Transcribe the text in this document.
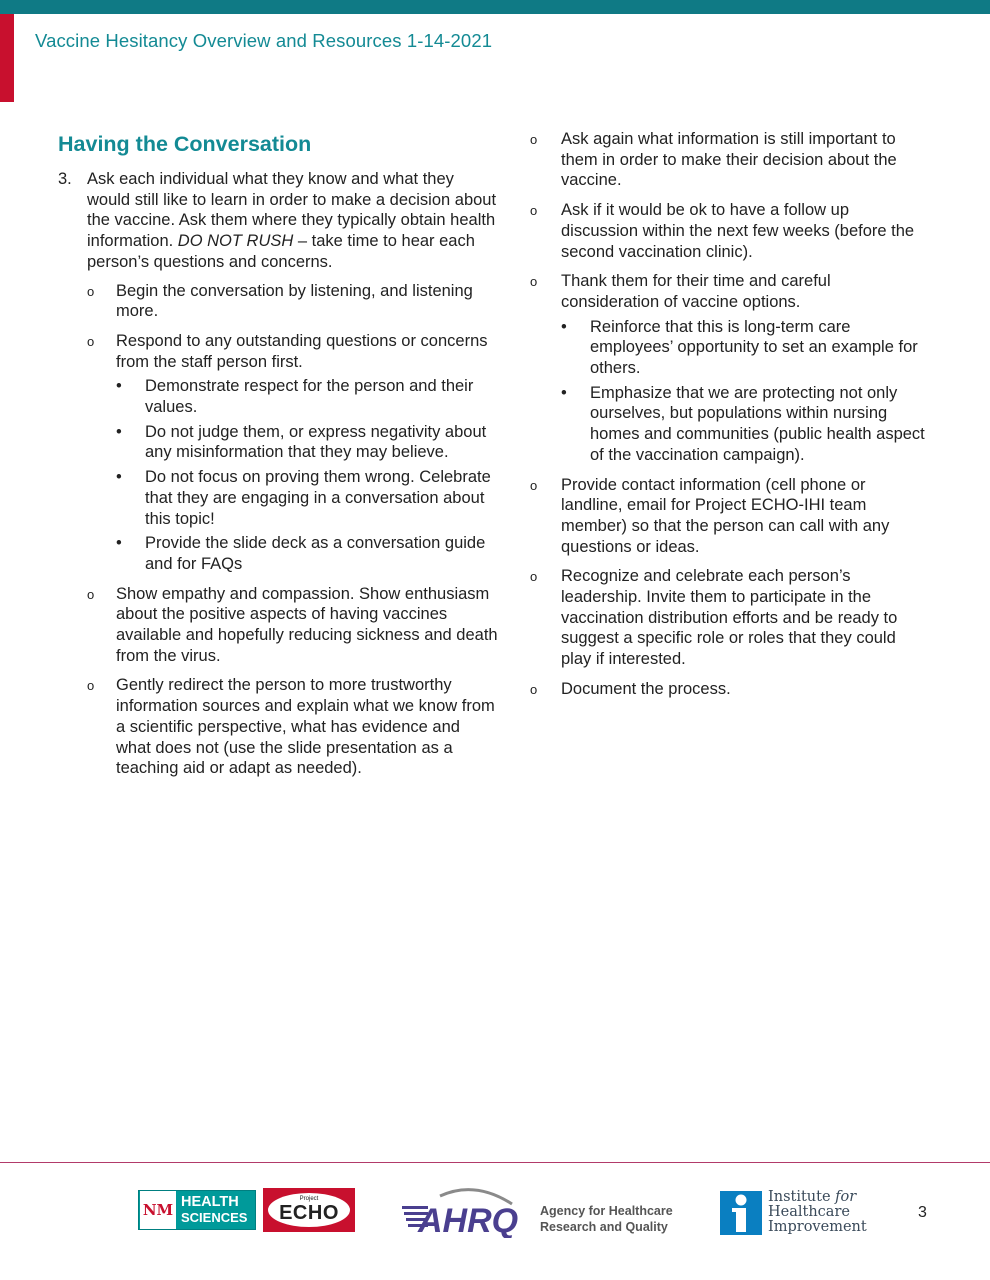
Vaccine Hesitancy Overview and Resources 1-14-2021
Having the Conversation
3. Ask each individual what they know and what they would still like to learn in order to make a decision about the vaccine. Ask them where they typically obtain health information. DO NOT RUSH – take time to hear each person’s questions and concerns.
o Begin the conversation by listening, and listening more.
o Respond to any outstanding questions or concerns from the staff person first.
• Demonstrate respect for the person and their values.
• Do not judge them, or express negativity about any misinformation that they may believe.
• Do not focus on proving them wrong. Celebrate that they are engaging in a conversation about this topic!
• Provide the slide deck as a conversation guide and for FAQs
o Show empathy and compassion. Show enthusiasm about the positive aspects of having vaccines available and hopefully reducing sickness and death from the virus.
o Gently redirect the person to more trustworthy information sources and explain what we know from a scientific perspective, what has evidence and what does not (use the slide presentation as a teaching aid or adapt as needed).
o Ask again what information is still important to them in order to make their decision about the vaccine.
o Ask if it would be ok to have a follow up discussion within the next few weeks (before the second vaccination clinic).
o Thank them for their time and careful consideration of vaccine options.
• Reinforce that this is long-term care employees’ opportunity to set an example for others.
• Emphasize that we are protecting not only ourselves, but populations within nursing homes and communities (public health aspect of the vaccination campaign).
o Provide contact information (cell phone or landline, email for Project ECHO-IHI team member) so that the person can call with any questions or ideas.
o Recognize and celebrate each person’s leadership. Invite them to participate in the vaccination distribution efforts and be ready to suggest a specific role or roles that they could play if interested.
o Document the process.
NM HEALTH
SCIENCES
Project
ECHO AHRQ Agency for Healthcare
Research and Quality
i	Institute for
Healthcare
Improvement
3
